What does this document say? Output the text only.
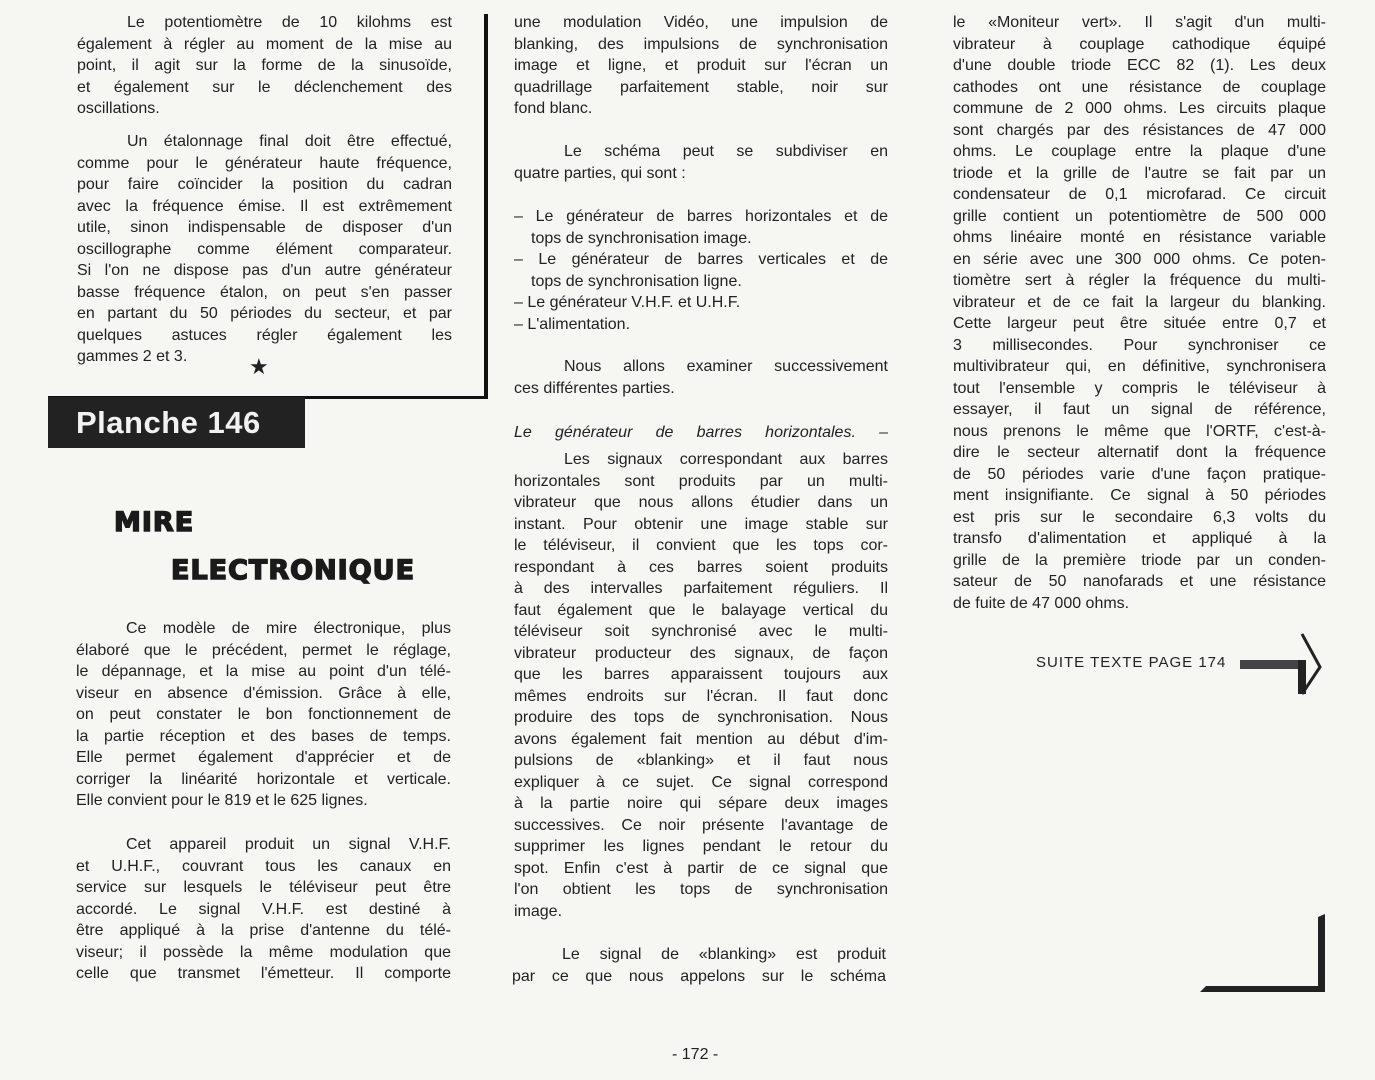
Planche 146
★
MIRE
ELECTRONIQUE
Le potentiomètre de 10 kilohms est
également à régler au moment de la mise au
point, il agit sur la forme de la sinusoïde,
et également sur le déclenchement des
oscillations.
Un étalonnage final doit être effectué,
comme pour le générateur haute fréquence,
pour faire coïncider la position du cadran
avec la fréquence émise. Il est extrêmement
utile, sinon indispensable de disposer d'un
oscillographe comme élément comparateur.
Si l'on ne dispose pas d'un autre générateur
basse fréquence étalon, on peut s'en passer
en partant du 50 périodes du secteur, et par
quelques astuces régler également les
gammes 2 et 3.
Ce modèle de mire électronique, plus
élaboré que le précédent, permet le réglage,
le dépannage, et la mise au point d'un télé-
viseur en absence d'émission. Grâce à elle,
on peut constater le bon fonctionnement de
la partie réception et des bases de temps.
Elle permet également d'apprécier et de
corriger la linéarité horizontale et verticale.
Elle convient pour le 819 et le 625 lignes.
Cet appareil produit un signal V.H.F.
et U.H.F., couvrant tous les canaux en
service sur lesquels le téléviseur peut être
accordé. Le signal V.H.F. est destiné à
être appliqué à la prise d'antenne du télé-
viseur; il possède la même modulation que
celle que transmet l'émetteur. Il comporte
une modulation Vidéo, une impulsion de
blanking, des impulsions de synchronisation
image et ligne, et produit sur l'écran un
quadrillage parfaitement stable, noir sur
fond blanc.
Le schéma peut se subdiviser en
quatre parties, qui sont :
– Le générateur de barres horizontales et de
tops de synchronisation image.
– Le générateur de barres verticales et de
tops de synchronisation ligne.
– Le générateur V.H.F. et U.H.F.
– L'alimentation.
Nous allons examiner successivement
ces différentes parties.
Le générateur de barres horizontales. –
Les signaux correspondant aux barres
horizontales sont produits par un multi-
vibrateur que nous allons étudier dans un
instant. Pour obtenir une image stable sur
le téléviseur, il convient que les tops cor-
respondant à ces barres soient produits
à des intervalles parfaitement réguliers. Il
faut également que le balayage vertical du
téléviseur soit synchronisé avec le multi-
vibrateur producteur des signaux, de façon
que les barres apparaissent toujours aux
mêmes endroits sur l'écran. Il faut donc
produire des tops de synchronisation. Nous
avons également fait mention au début d'im-
pulsions de «blanking» et il faut nous
expliquer à ce sujet. Ce signal correspond
à la partie noire qui sépare deux images
successives. Ce noir présente l'avantage de
supprimer les lignes pendant le retour du
spot. Enfin c'est à partir de ce signal que
l'on obtient les tops de synchronisation
image.
Le signal de «blanking» est produit
par ce que nous appelons sur le schéma
le «Moniteur vert». Il s'agit d'un multi-
vibrateur à couplage cathodique équipé
d'une double triode ECC 82 (1). Les deux
cathodes ont une résistance de couplage
commune de 2 000 ohms. Les circuits plaque
sont chargés par des résistances de 47 000
ohms. Le couplage entre la plaque d'une
triode et la grille de l'autre se fait par un
condensateur de 0,1 microfarad. Ce circuit
grille contient un potentiomètre de 500 000
ohms linéaire monté en résistance variable
en série avec une 300 000 ohms. Ce poten-
tiomètre sert à régler la fréquence du multi-
vibrateur et de ce fait la largeur du blanking.
Cette largeur peut être située entre 0,7 et
3 millisecondes. Pour synchroniser ce
multivibrateur qui, en définitive, synchronisera
tout l'ensemble y compris le téléviseur à
essayer, il faut un signal de référence,
nous prenons le même que l'ORTF, c'est-à-
dire le secteur alternatif dont la fréquence
de 50 périodes varie d'une façon pratique-
ment insignifiante. Ce signal à 50 périodes
est pris sur le secondaire 6,3 volts du
transfo d'alimentation et appliqué à la
grille de la première triode par un conden-
sateur de 50 nanofarads et une résistance
de fuite de 47 000 ohms.
SUITE TEXTE PAGE 174
- 172 -
